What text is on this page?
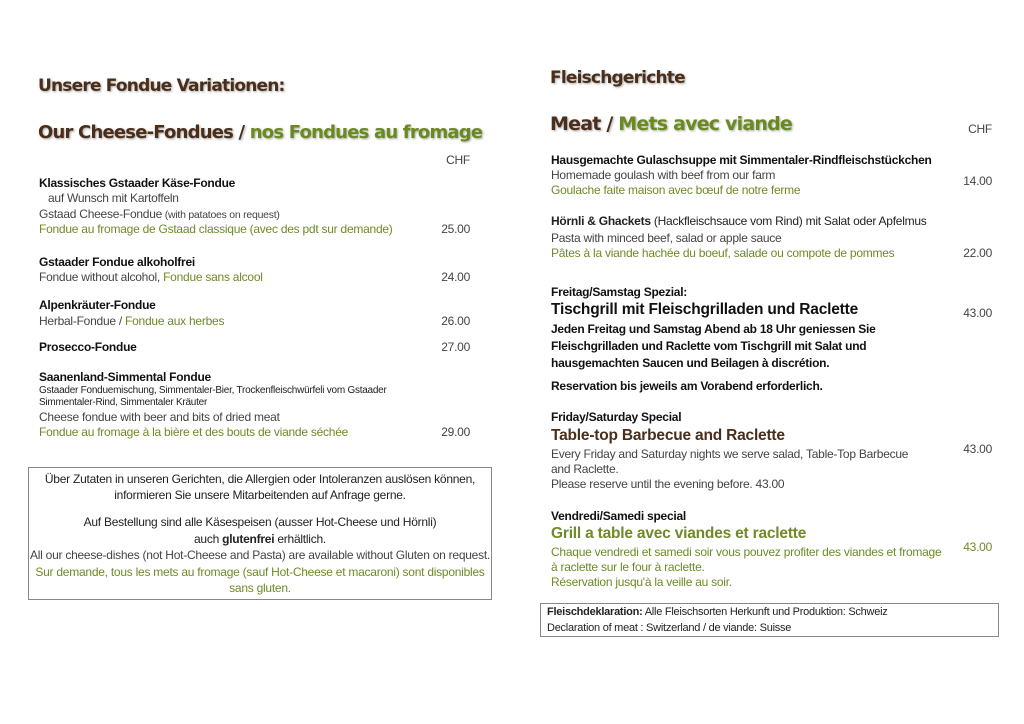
Unsere Fondue Variationen:
Our Cheese-Fondues / nos Fondues au fromage
CHF
Klassisches Gstaader Käse-Fondue
auf Wunsch mit Kartoffeln
Gstaad Cheese-Fondue (with patatoes on request)
Fondue au fromage de Gstaad classique (avec des pdt sur demande)	25.00
Gstaader Fondue alkoholfrei
Fondue without alcohol, Fondue sans alcool	24.00
Alpenkräuter-Fondue
Herbal-Fondue / Fondue aux herbes	26.00
Prosecco-Fondue	27.00
Saanenland-Simmental Fondue
Gstaader Fonduemischung, Simmentaler-Bier, Trockenfleischwürfeli vom Gstaader
Simmentaler-Rind, Simmentaler Kräuter
Cheese fondue with beer and bits of dried meat
Fondue au fromage à la bière et des bouts de viande séchée	29.00
Über Zutaten in unseren Gerichten, die Allergien oder Intoleranzen auslösen können,
informieren Sie unsere Mitarbeitenden auf Anfrage gerne.
Auf Bestellung sind alle Käsespeisen (ausser Hot-Cheese und Hörnli)
auch glutenfrei erhältlich.
All our cheese-dishes (not Hot-Cheese and Pasta) are available without Gluten on request.
Sur demande, tous les mets au fromage (sauf Hot-Cheese et macaroni) sont disponibles
sans gluten.
Fleischgerichte
Meat / Mets avec viande	CHF
Hausgemachte Gulaschsuppe mit Simmentaler-Rindfleischstückchen
Homemade goulash with beef from our farm
Goulache faite maison avec bœuf de notre ferme
14.00
Hörnli & Ghackets (Hackfleischsauce vom Rind) mit Salat oder Apfelmus
Pasta with minced beef, salad or apple sauce
Pâtes à la viande hachée du boeuf, salade ou compote de pommes	22.00
Freitag/Samstag Spezial:
Tischgrill mit Fleischgrilladen und Raclette
Jeden Freitag und Samstag Abend ab 18 Uhr geniessen Sie
Fleischgrilladen und Raclette vom Tischgrill mit Salat und
hausgemachten Saucen und Beilagen à discrétion.
Reservation bis jeweils am Vorabend erforderlich.
43.00
Friday/Saturday Special
Table-top Barbecue and Raclette
Every Friday and Saturday nights we serve salad, Table-Top Barbecue
and Raclette.
Please reserve until the evening before. 43.00
43.00
Vendredi/Samedi special
Grill a table avec viandes et raclette
Chaque vendredi et samedi soir vous pouvez profiter des viandes et fromage
à raclette sur le four à raclette.
Réservation jusqu'à la veille au soir.
43.00
Fleischdeklaration: Alle Fleischsorten Herkunft und Produktion: Schweiz
Declaration of meat : Switzerland / de viande: Suisse
